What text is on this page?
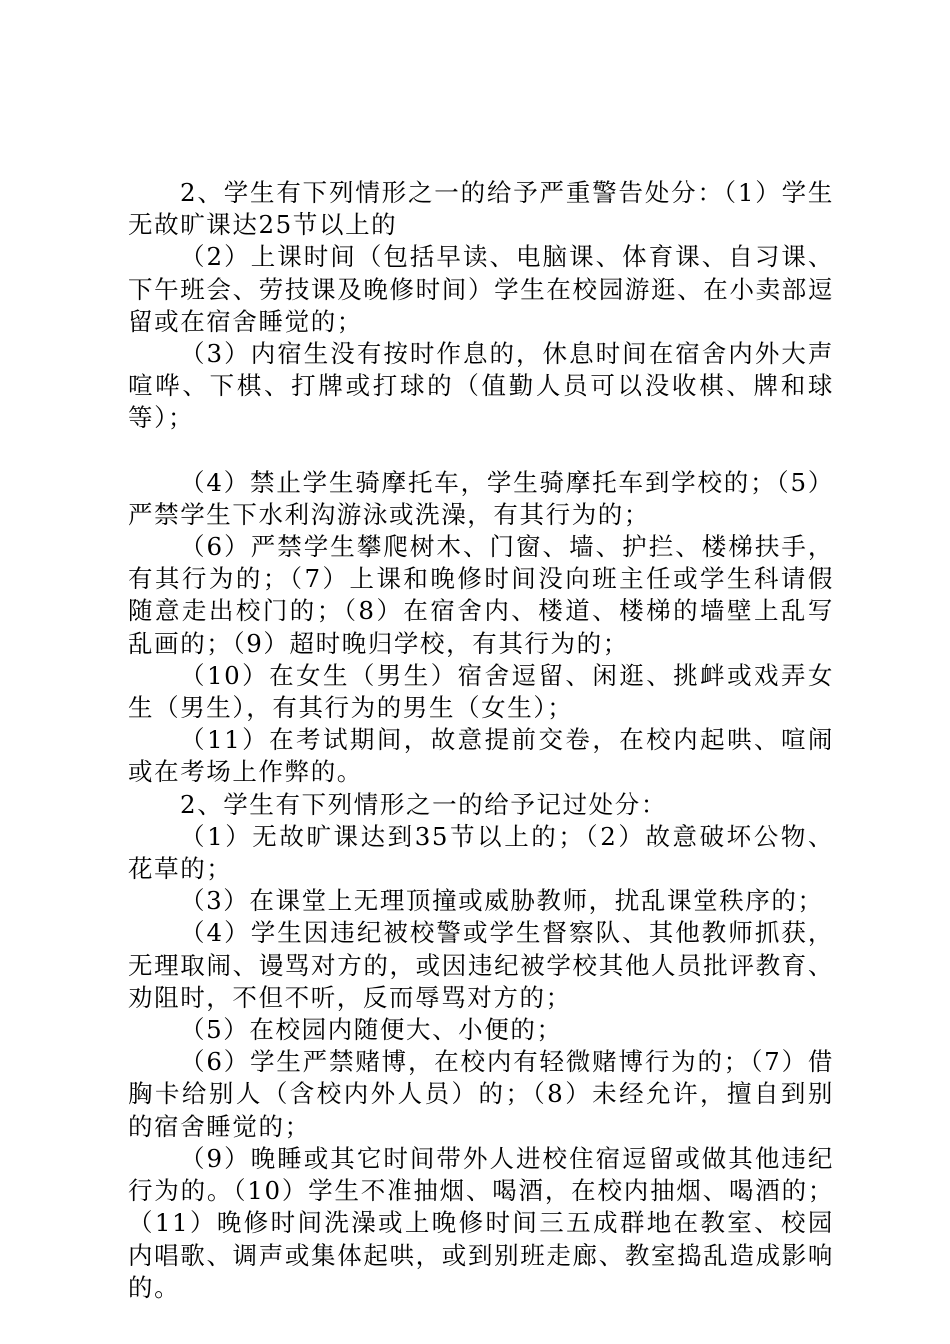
2、学生有下列情形之一的给予严重警告处分：（1）学生无故旷课达25节以上的

（2）上课时间（包括早读、电脑课、体育课、自习课、下午班会、劳技课及晚修时间）学生在校园游逛、在小卖部逗留或在宿舍睡觉的；

（3）内宿生没有按时作息的，休息时间在宿舍内外大声喧哗、下棋、打牌或打球的（值勤人员可以没收棋、牌和球等）；

（4）禁止学生骑摩托车，学生骑摩托车到学校的；（5）严禁学生下水利沟游泳或洗澡，有其行为的；

（6）严禁学生攀爬树木、门窗、墙、护拦、楼梯扶手，有其行为的；（7）上课和晚修时间没向班主任或学生科请假随意走出校门的；（8）在宿舍内、楼道、楼梯的墙壁上乱写乱画的；（9）超时晚归学校，有其行为的；

（10）在女生（男生）宿舍逗留、闲逛、挑衅或戏弄女生（男生），有其行为的男生（女生）；

（11）在考试期间，故意提前交卷，在校内起哄、喧闹或在考场上作弊的。

2、学生有下列情形之一的给予记过处分：

（1）无故旷课达到35节以上的；（2）故意破坏公物、花草的；

（3）在课堂上无理顶撞或威胁教师，扰乱课堂秩序的；

（4）学生因违纪被校警或学生督察队、其他教师抓获，无理取闹、谩骂对方的，或因违纪被学校其他人员批评教育、劝阻时，不但不听，反而辱骂对方的；

（5）在校园内随便大、小便的；

（6）学生严禁赌博，在校内有轻微赌博行为的；（7）借胸卡给别人（含校内外人员）的；（8）未经允许，擅自到别的宿舍睡觉的；

（9）晚睡或其它时间带外人进校住宿逗留或做其他违纪行为的。（10）学生不准抽烟、喝酒，在校内抽烟、喝酒的；（11）晚修时间洗澡或上晚修时间三五成群地在教室、校园内唱歌、调声或集体起哄，或到别班走廊、教室捣乱造成影响的。
